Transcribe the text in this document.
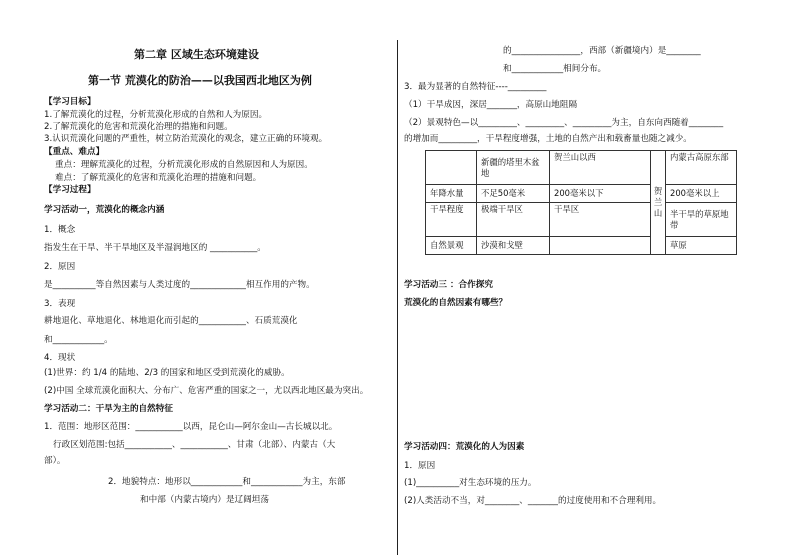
第二章 区域生态环境建设
第一节 荒漠化的防治——以我国西北地区为例
【学习目标】
1.了解荒漠化的过程，分析荒漠化形成的自然和人为原因。
2.了解荒漠化的危害和荒漠化治理的措施和问题。
3.认识荒漠化问题的严重性，树立防治荒漠化的观念，建立正确的环境观。
【重点、难点】
重点：理解荒漠化的过程，分析荒漠化形成的自然原因和人为原因。
难点：了解荒漠化的危害和荒漠化治理的措施和问题。
【学习过程】
学习活动一，荒漠化的概念内涵
1．概念
指发生在干旱、半干旱地区及半湿润地区的 ___________。
2．原因
是__________等自然因素与人类过度的_____________相互作用的产物。
3．表现
耕地退化、草地退化、林地退化而引起的___________、石质荒漠化
和____________。
4．现状
(1)世界：约 1/4 的陆地、2/3 的国家和地区受到荒漠化的威胁。
(2)中国 全球荒漠化面积大、分布广、危害严重的国家之一，尤以西北地区最为突出。
学习活动二：干旱为主的自然特征
1．范围：地形区范围：___________以西，昆仑山—阿尔金山—古长城以北。
行政区划范围:包括___________、___________、甘肃（北部）、内蒙古（大
部）。
2．地貌特点：地形以____________和____________为主，东部
和中部（内蒙古境内）是辽阔坦荡
的________________，西部（新疆境内）是________
和____________相间分布。
3．最为显著的自然特征----_________
（1）干旱成因，深居_______，高原山地阻隔
（2）景观特色—以_________、_________、_________为主，自东向西随着________
的增加而_________，干旱程度增强，土地的自然产出和载畜量也随之减少。
	新疆的塔里木盆地	贺兰山以西	贺兰山	内蒙古高原东部
年降水量	不足50毫米	200毫米以下		200毫米以上
干旱程度	极端干旱区	干旱区		半干旱的草原地带
自然景观	沙漠和戈壁			草原
学习活动三 ：合作探究
荒漠化的自然因素有哪些？
学习活动四：荒漠化的人为因素
1．原因
(1)__________对生态环境的压力。
(2)人类活动不当，对________、_______的过度使用和不合理利用。
